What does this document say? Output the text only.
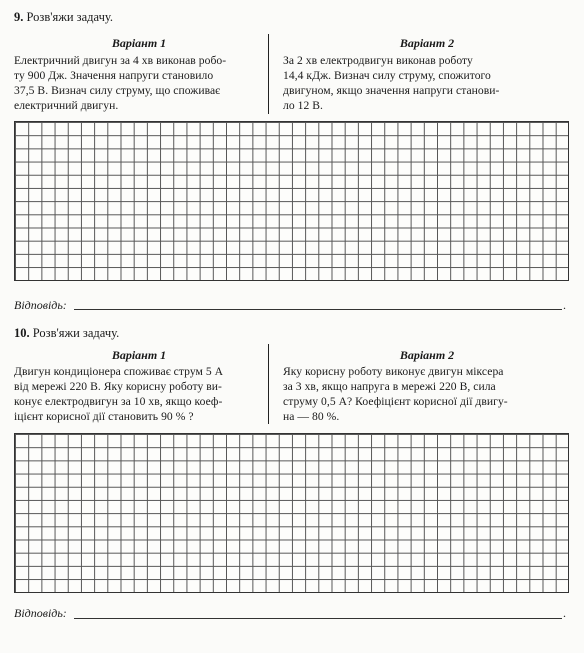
9. Розв'яжи задачу.
Варіант 1	Варіант 2
Електричний двигун за 4 хв виконав робо-
ту 900 Дж. Значення напруги становило
37,5 В. Визнач силу струму, що споживає
електричний двигун.
За 2 хв електродвигун виконав роботу
14,4 кДж. Визнач силу струму, спожитого
двигуном, якщо значення напруги станови-
ло 12 В.
Відповідь:	.
10. Розв'яжи задачу.
Варіант 1	Варіант 2
Двигун кондиціонера споживає струм 5 А
від мережі 220 В. Яку корисну роботу ви-
конує електродвигун за 10 хв, якщо коеф-
іцієнт корисної дії становить 90 % ?
Яку корисну роботу виконує двигун міксера
за 3 хв, якщо напруга в мережі 220 В, сила
струму 0,5 А? Коефіцієнт корисної дії двигу-
на — 80 %.
Відповідь:	.
